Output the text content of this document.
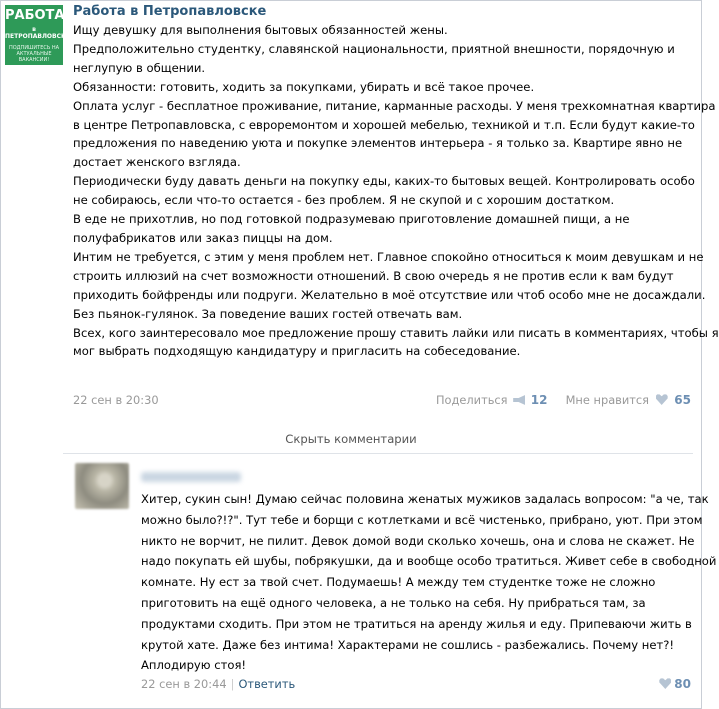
РАБОТА
в ПЕТРОПАВЛОВСКЕ
ПОДПИШИТЕСЬ НА АКТУАЛЬНЫЕ ВАКАНСИИ!
Работа в Петропавловске

Ищу девушку для выполнения бытовых обязанностей жены.

Предположительно студентку, славянской национальности, приятной внешности, порядочную и

неглупую в общении.

Обязанности: готовить, ходить за покупками, убирать и всё такое прочее.

Оплата услуг - бесплатное проживание, питание, карманные расходы. У меня трехкомнатная квартира

в центре Петропавловска, с евроремонтом и хорошей мебелью, техникой и т.п. Если будут какие-то

предложения по наведению уюта и покупке элементов интерьера - я только за. Квартире явно не

достает женского взгляда.

Периодически буду давать деньги на покупку еды, каких-то бытовых вещей. Контролировать особо

не собираюсь, если что-то остается - без проблем. Я не скупой и с хорошим достатком.

В еде не прихотлив, но под готовкой подразумеваю приготовление домашней пищи, а не

полуфабрикатов или заказ пиццы на дом.

Интим не требуется, с этим у меня проблем нет. Главное спокойно относиться к моим девушкам и не

строить иллюзий на счет возможности отношений. В свою очередь я не против если к вам будут

приходить бойфренды или подруги. Желательно в моё отсутствие или чтоб особо мне не досаждали.

Без пьянок-гулянок. За поведение ваших гостей отвечать вам.

Всех, кого заинтересовало мое предложение прошу ставить лайки или писать в комментариях, чтобы я

мог выбрать подходящую кандидатуру и пригласить на собеседование.

22 сен в 20:30	Поделиться 12 Мне нравится 65
Скрыть комментарии

Хитер, сукин сын! Думаю сейчас половина женатых мужиков задалась вопросом: "а че, так

можно было?!?". Тут тебе и борщи с котлетками и всё чистенько, прибрано, уют. При этом

никто не ворчит, не пилит. Девок домой води сколько хочешь, она и слова не скажет. Не

надо покупать ей шубы, побрякушки, да и вообще особо тратиться. Живет себе в свободной

комнате. Ну ест за твой счет. Подумаешь! А между тем студентке тоже не сложно

приготовить на ещё одного человека, а не только на себя. Ну прибраться там, за

продуктами сходить. При этом не тратиться на аренду жилья и еду. Припеваючи жить в

крутой хате. Даже без интима! Характерами не сошлись - разбежались. Почему нет?!

Аплодирую стоя!

22 сен в 20:44 | Ответить	80
